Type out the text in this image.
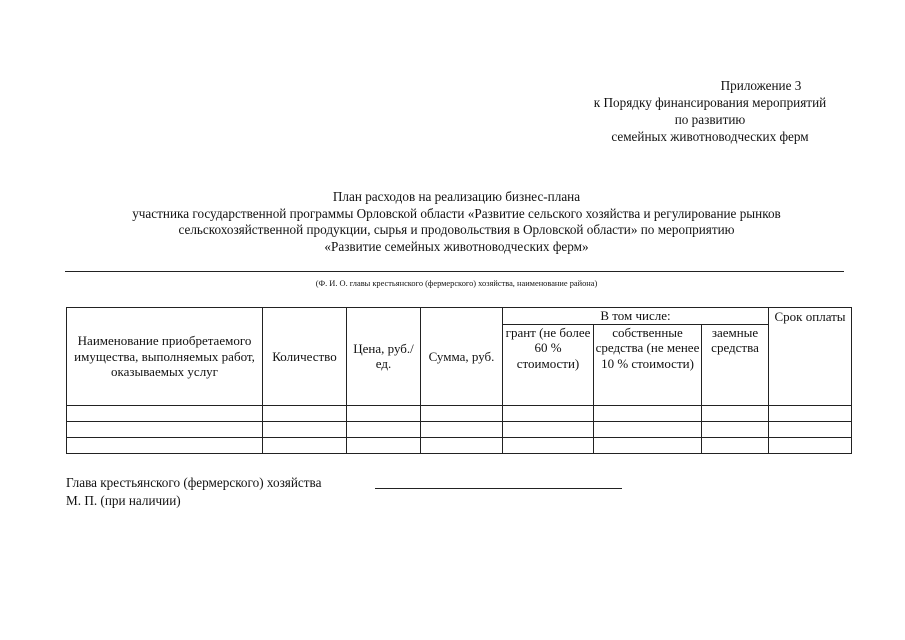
Приложение 3
к Порядку финансирования мероприятий
по развитию
семейных животноводческих ферм
План расходов на реализацию бизнес-плана
участника государственной программы Орловской области «Развитие сельского хозяйства и регулирование рынков
сельскохозяйственной продукции, сырья и продовольствия в Орловской области» по мероприятию
«Развитие семейных животноводческих ферм»
(Ф. И. О. главы крестьянского (фермерского) хозяйства, наименование района)
Наименование приобретаемого имущества, выполняемых работ, оказываемых услуг	Количество	Цена, руб./ед.	Сумма, руб.	В том числе:			Срок оплаты
				грант (не более 60 % стоимости)	собственные средства (не менее 10 % стоимости)	заемные средства	

Глава крестьянского (фермерского) хозяйства
М. П. (при наличии)
